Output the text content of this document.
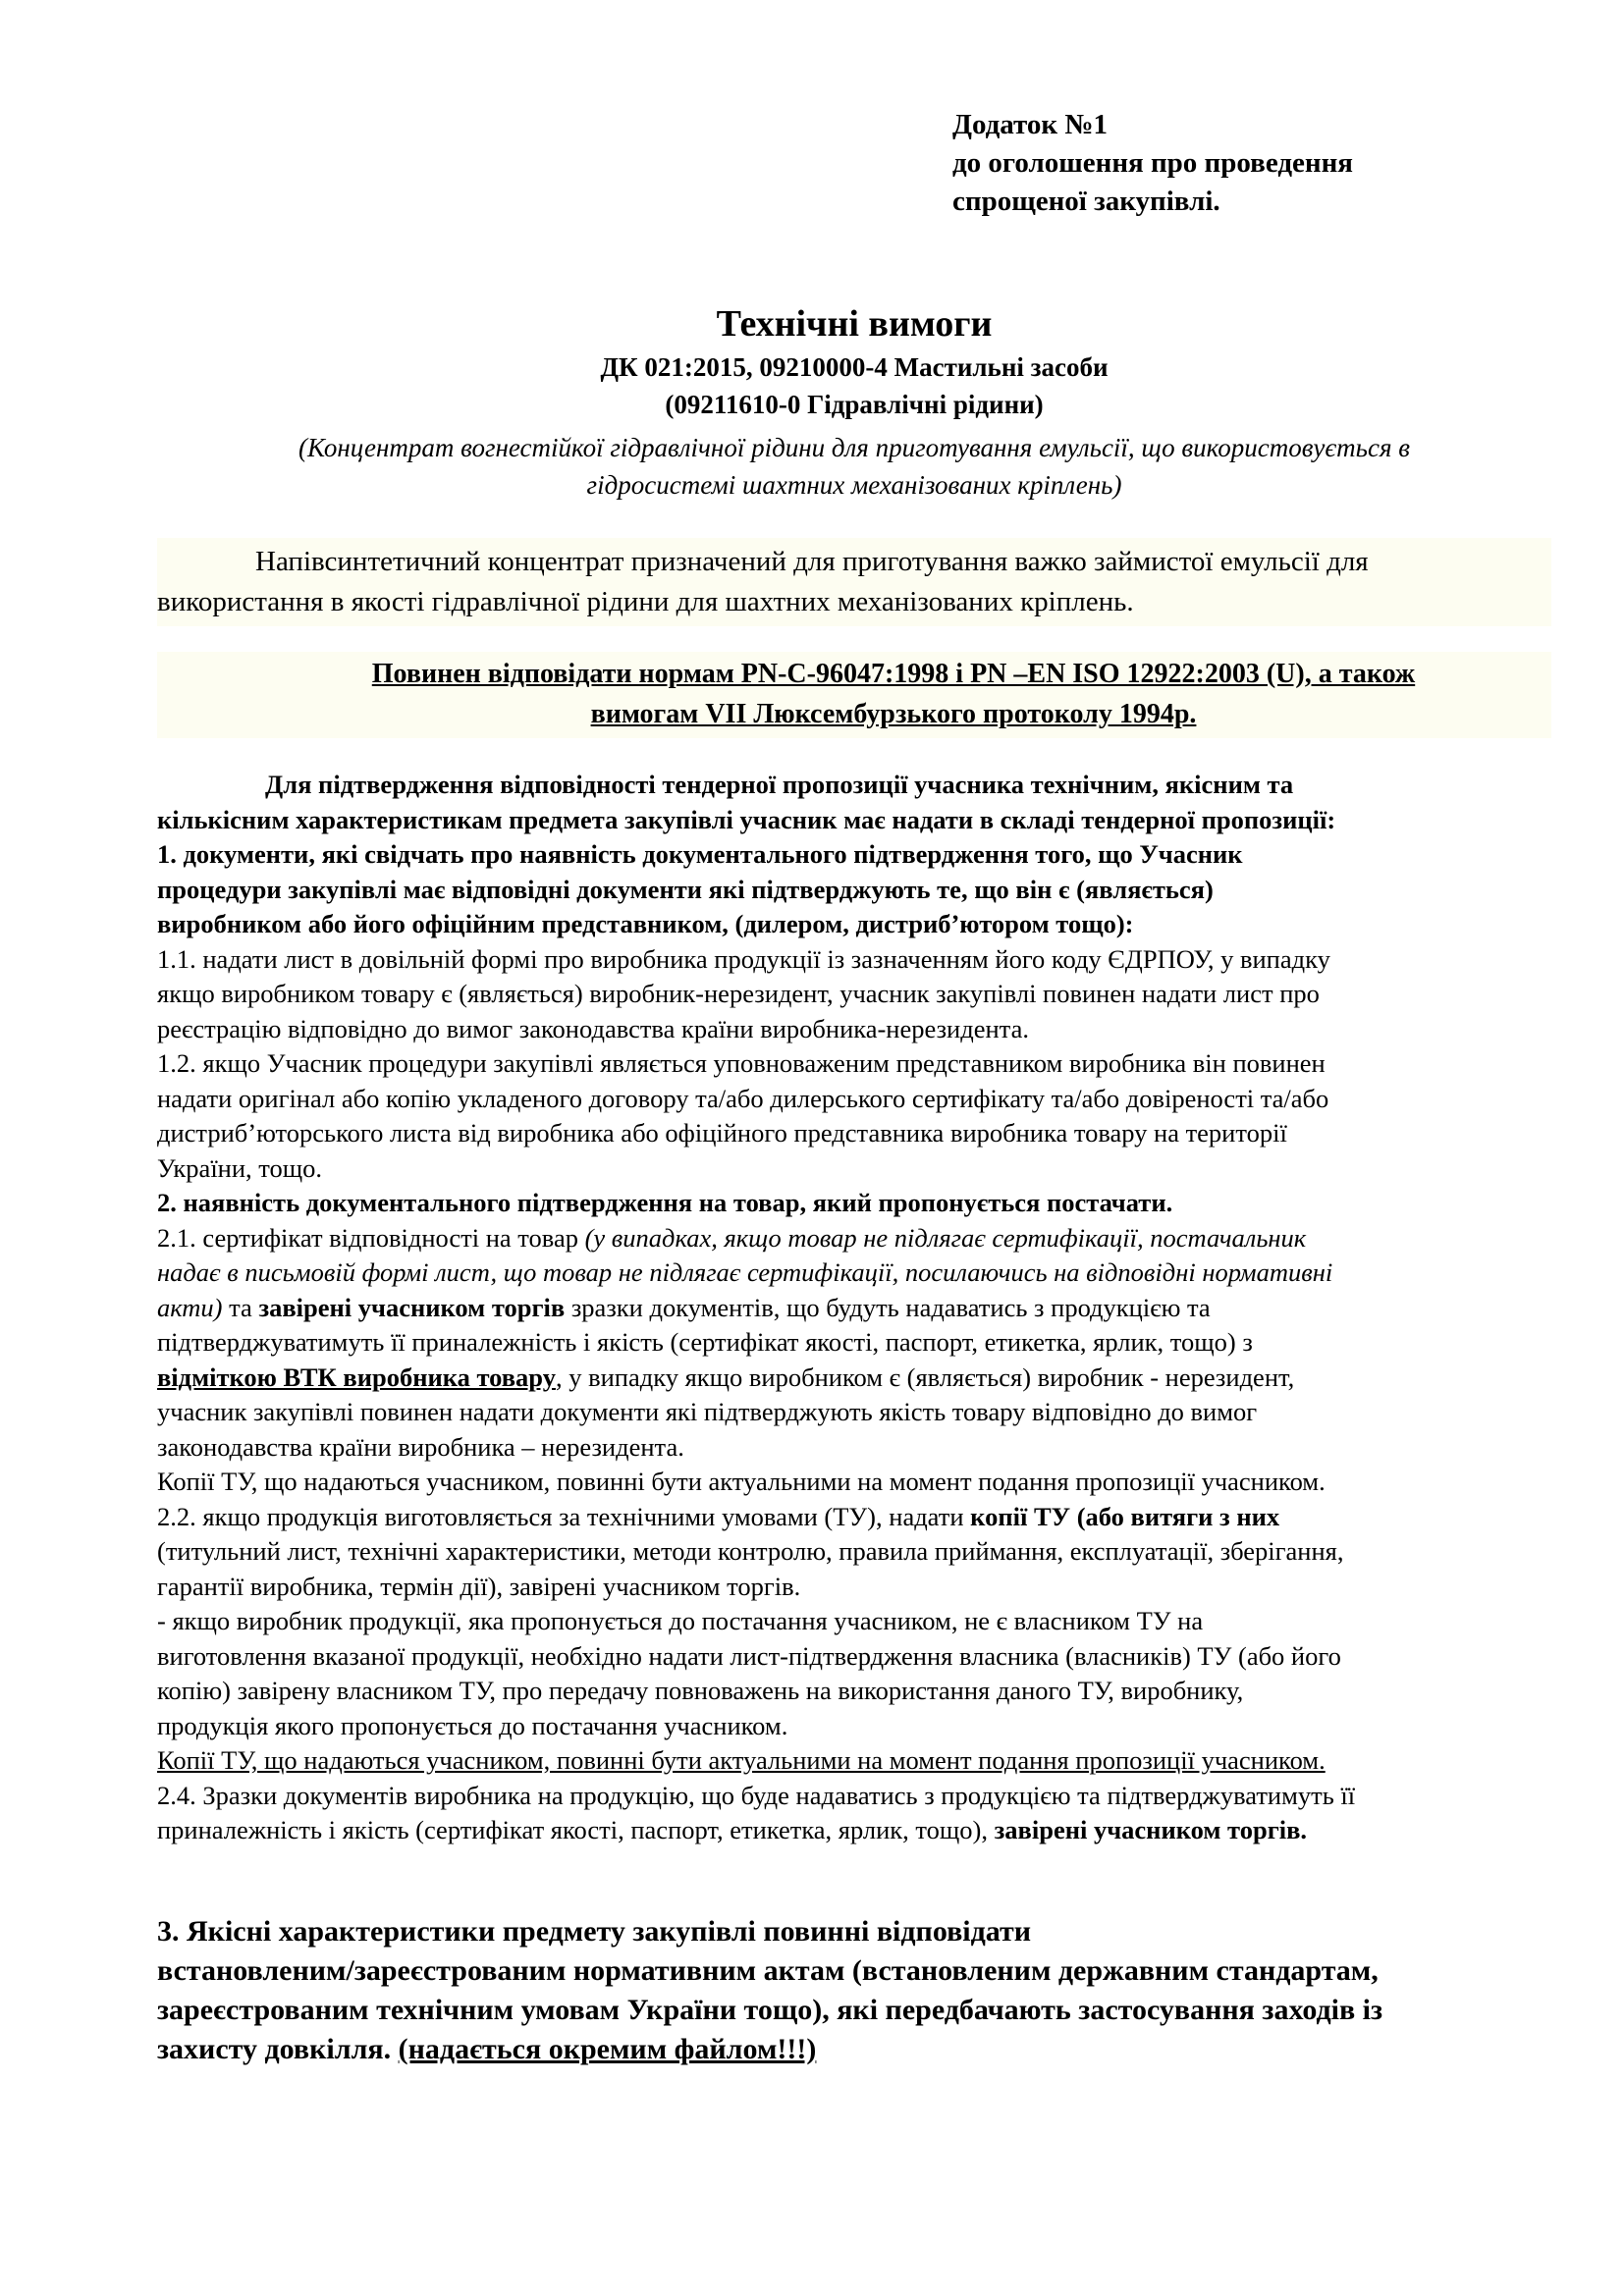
Додаток №1
до оголошення про проведення
спрощеної закупівлі.
Технічні вимоги
ДК 021:2015, 09210000-4 Мастильні засоби
(09211610-0 Гідравлічні рідини)
(Концентрат вогнестійкої гідравлічної рідини для приготування емульсії, що використовується в
гідросистемі шахтних механізованих кріплень)
Напівсинтетичний концентрат призначений для приготування важко займистої емульсії для
використання в якості гідравлічної рідини для шахтних механізованих кріплень.
Повинен відповідати нормам PN-C-96047:1998 і PN –EN ISO 12922:2003 (U), а також
вимогам VII Люксембурзького протоколу 1994р.
Для підтвердження відповідності тендерної пропозиції учасника технічним, якісним та
кількісним характеристикам предмета закупівлі учасник має надати в складі тендерної пропозиції:
1. документи, які свідчать про наявність документального підтвердження того, що Учасник
процедури закупівлі має відповідні документи які підтверджують те, що він є (являється)
виробником або його офіційним представником, (дилером, дистриб’ютором тощо):
1.1. надати лист в довільній формі про виробника продукції із зазначенням його коду ЄДРПОУ, у випадку
якщо виробником товару є (являється) виробник-нерезидент, учасник закупівлі повинен надати лист про
реєстрацію відповідно до вимог законодавства країни виробника-нерезидента.
1.2. якщо Учасник процедури закупівлі являється уповноваженим представником виробника він повинен
надати оригінал або копію укладеного договору та/або дилерського сертифікату та/або довіреності та/або
дистриб’юторського листа від виробника або офіційного представника виробника товару на території
України, тощо.
2. наявність документального підтвердження на товар, який пропонується постачати.
2.1. сертифікат відповідності на товар (у випадках, якщо товар не підлягає сертифікації, постачальник
надає в письмовій формі лист, що товар не підлягає сертифікації, посилаючись на відповідні нормативні
акти) та завірені учасником торгів зразки документів, що будуть надаватись з продукцією та
підтверджуватимуть її приналежність і якість (сертифікат якості, паспорт, етикетка, ярлик, тощо) з
відміткою ВТК виробника товару, у випадку якщо виробником є (являється) виробник - нерезидент,
учасник закупівлі повинен надати документи які підтверджують якість товару відповідно до вимог
законодавства країни виробника – нерезидента.
Копії ТУ, що надаються учасником, повинні бути актуальними на момент подання пропозиції учасником.
2.2. якщо продукція виготовляється за технічними умовами (ТУ), надати копії ТУ (або витяги з них
(титульний лист, технічні характеристики, методи контролю, правила приймання, експлуатації, зберігання,
гарантії виробника, термін дії), завірені учасником торгів.
- якщо виробник продукції, яка пропонується до постачання учасником, не є власником ТУ на
виготовлення вказаної продукції, необхідно надати лист-підтвердження власника (власників) ТУ (або його
копію) завірену власником ТУ, про передачу повноважень на використання даного ТУ, виробнику,
продукція якого пропонується до постачання учасником.
Копії ТУ, що надаються учасником, повинні бути актуальними на момент подання пропозиції учасником.
2.4. Зразки документів виробника на продукцію, що буде надаватись з продукцією та підтверджуватимуть її
приналежність і якість (сертифікат якості, паспорт, етикетка, ярлик, тощо), завірені учасником торгів.
3. Якісні характеристики предмету закупівлі повинні відповідати
встановленим/зареєстрованим нормативним актам (встановленим державним стандартам,
зареєстрованим технічним умовам України тощо), які передбачають застосування заходів із
захисту довкілля. (надається окремим файлом!!!)
